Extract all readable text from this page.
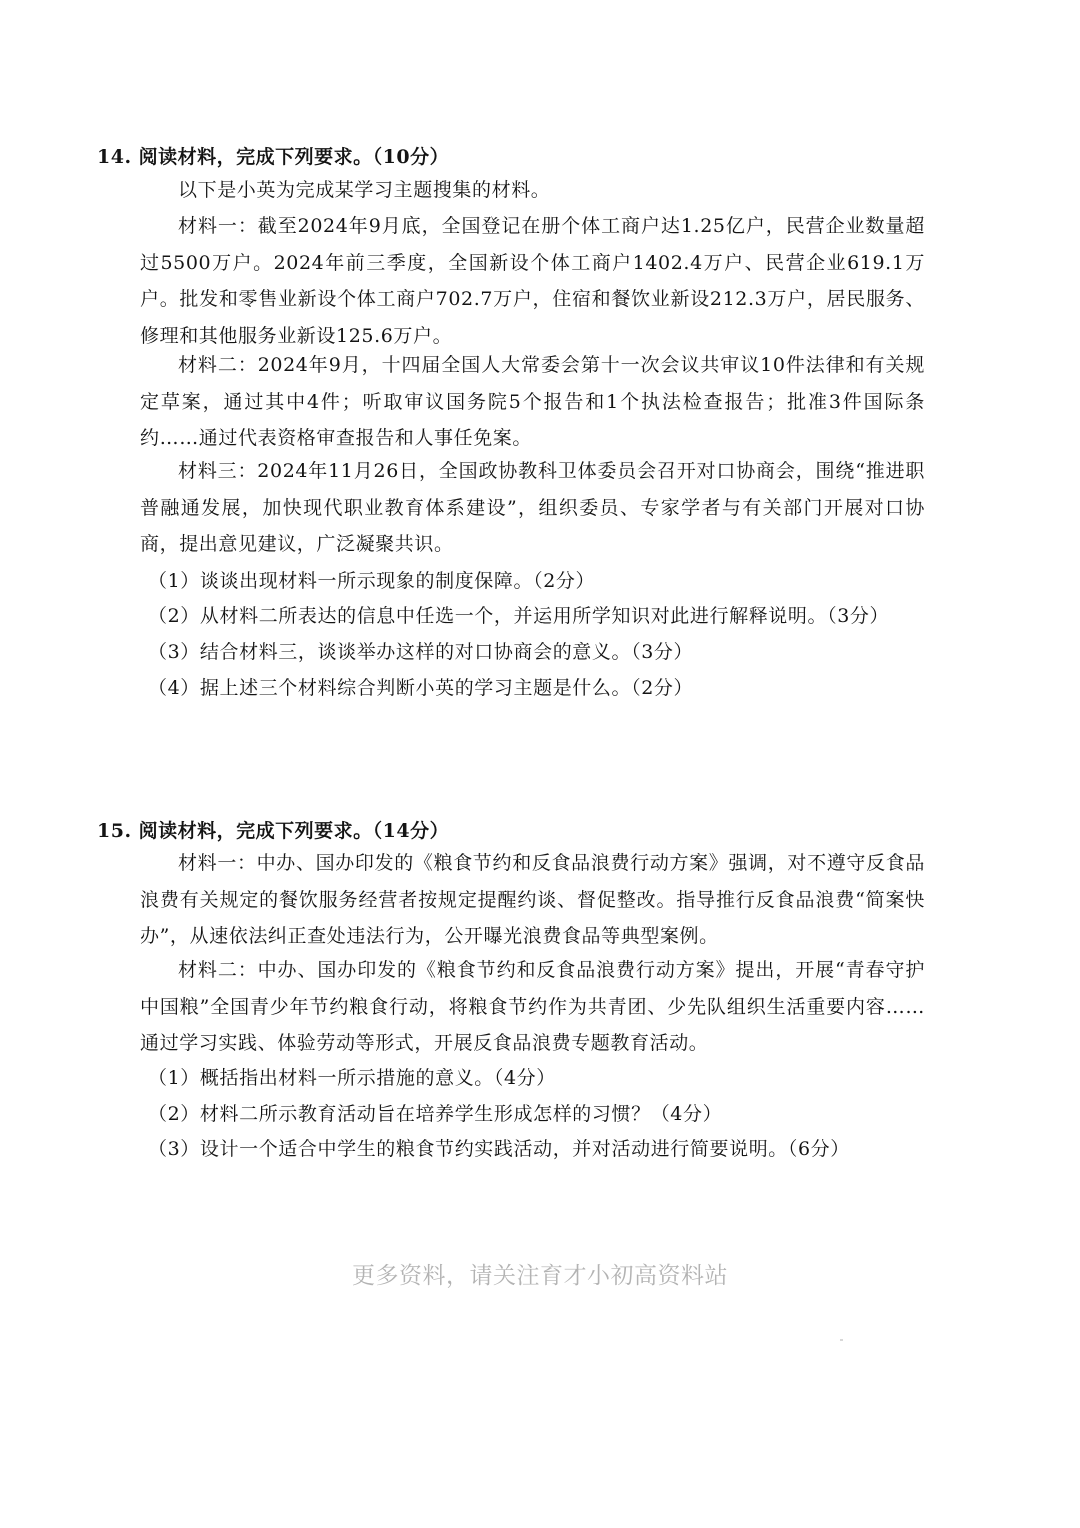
14. 阅读材料，完成下列要求。（10分）
以下是小英为完成某学习主题搜集的材料。
材料一：截至2024年9月底，全国登记在册个体工商户达1.25亿户，民营企业数量超过5500万户。2024年前三季度，全国新设个体工商户1402.4万户、民营企业619.1万户。批发和零售业新设个体工商户702.7万户，住宿和餐饮业新设212.3万户，居民服务、修理和其他服务业新设125.6万户。
材料二：2024年9月，十四届全国人大常委会第十一次会议共审议10件法律和有关规定草案，通过其中4件；听取审议国务院5个报告和1个执法检查报告；批准3件国际条约……通过代表资格审查报告和人事任免案。
材料三：2024年11月26日，全国政协教科卫体委员会召开对口协商会，围绕“推进职普融通发展，加快现代职业教育体系建设”，组织委员、专家学者与有关部门开展对口协商，提出意见建议，广泛凝聚共识。
（1）谈谈出现材料一所示现象的制度保障。（2分）
（2）从材料二所表达的信息中任选一个，并运用所学知识对此进行解释说明。（3分）
（3）结合材料三，谈谈举办这样的对口协商会的意义。（3分）
（4）据上述三个材料综合判断小英的学习主题是什么。（2分）
15. 阅读材料，完成下列要求。（14分）
材料一：中办、国办印发的《粮食节约和反食品浪费行动方案》强调，对不遵守反食品浪费有关规定的餐饮服务经营者按规定提醒约谈、督促整改。指导推行反食品浪费“简案快办”，从速依法纠正查处违法行为，公开曝光浪费食品等典型案例。
材料二：中办、国办印发的《粮食节约和反食品浪费行动方案》提出，开展“青春守护中国粮”全国青少年节约粮食行动，将粮食节约作为共青团、少先队组织生活重要内容……通过学习实践、体验劳动等形式，开展反食品浪费专题教育活动。
（1）概括指出材料一所示措施的意义。（4分）
（2）材料二所示教育活动旨在培养学生形成怎样的习惯？（4分）
（3）设计一个适合中学生的粮食节约实践活动，并对活动进行简要说明。（6分）
更多资料，请关注育才小初高资料站
